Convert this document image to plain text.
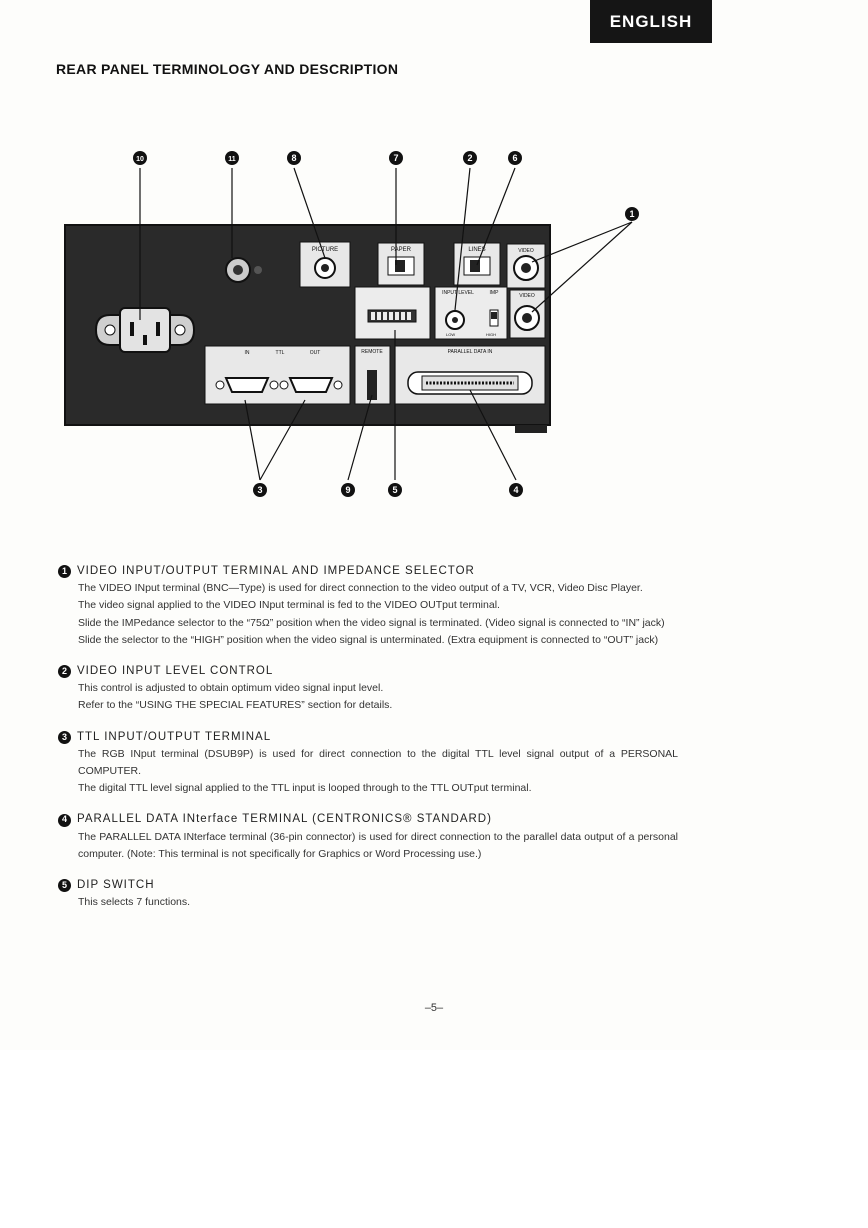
ENGLISH
REAR PANEL TERMINOLOGY AND DESCRIPTION
PICTURE	PAPER	LINES	VIDEO
INPUT LEVEL	IMP
LOW	HIGH
VIDEO
IN	TTL	OUT	REMOTE	PARALLEL DATA IN
10	11	8	7	2	6
1
3	9	5	4
1 VIDEO INPUT/OUTPUT TERMINAL AND IMPEDANCE SELECTOR

The VIDEO INput terminal (BNC—Type) is used for direct connection to the video output of a TV, VCR, Video Disc Player.

The video signal applied to the VIDEO INput terminal is fed to the VIDEO OUTput terminal.

Slide the IMPedance selector to the “75Ω” position when the video signal is terminated. (Video signal is connected to “IN” jack)

Slide the selector to the “HIGH” position when the video signal is unterminated. (Extra equipment is connected to “OUT” jack)

2 VIDEO INPUT LEVEL CONTROL

This control is adjusted to obtain optimum video signal input level.

Refer to the “USING THE SPECIAL FEATURES” section for details.

3 TTL INPUT/OUTPUT TERMINAL

The RGB INput terminal (DSUB9P) is used for direct connection to the digital TTL level signal output of a PERSONAL COMPUTER.

The digital TTL level signal applied to the TTL input is looped through to the TTL OUTput terminal.

4 PARALLEL DATA INterface TERMINAL (CENTRONICS® STANDARD)

The PARALLEL DATA INterface terminal (36-pin connector) is used for direct connection to the parallel data output of a personal computer. (Note: This terminal is not specifically for Graphics or Word Processing use.)

5 DIP SWITCH

This selects 7 functions.

–5–
